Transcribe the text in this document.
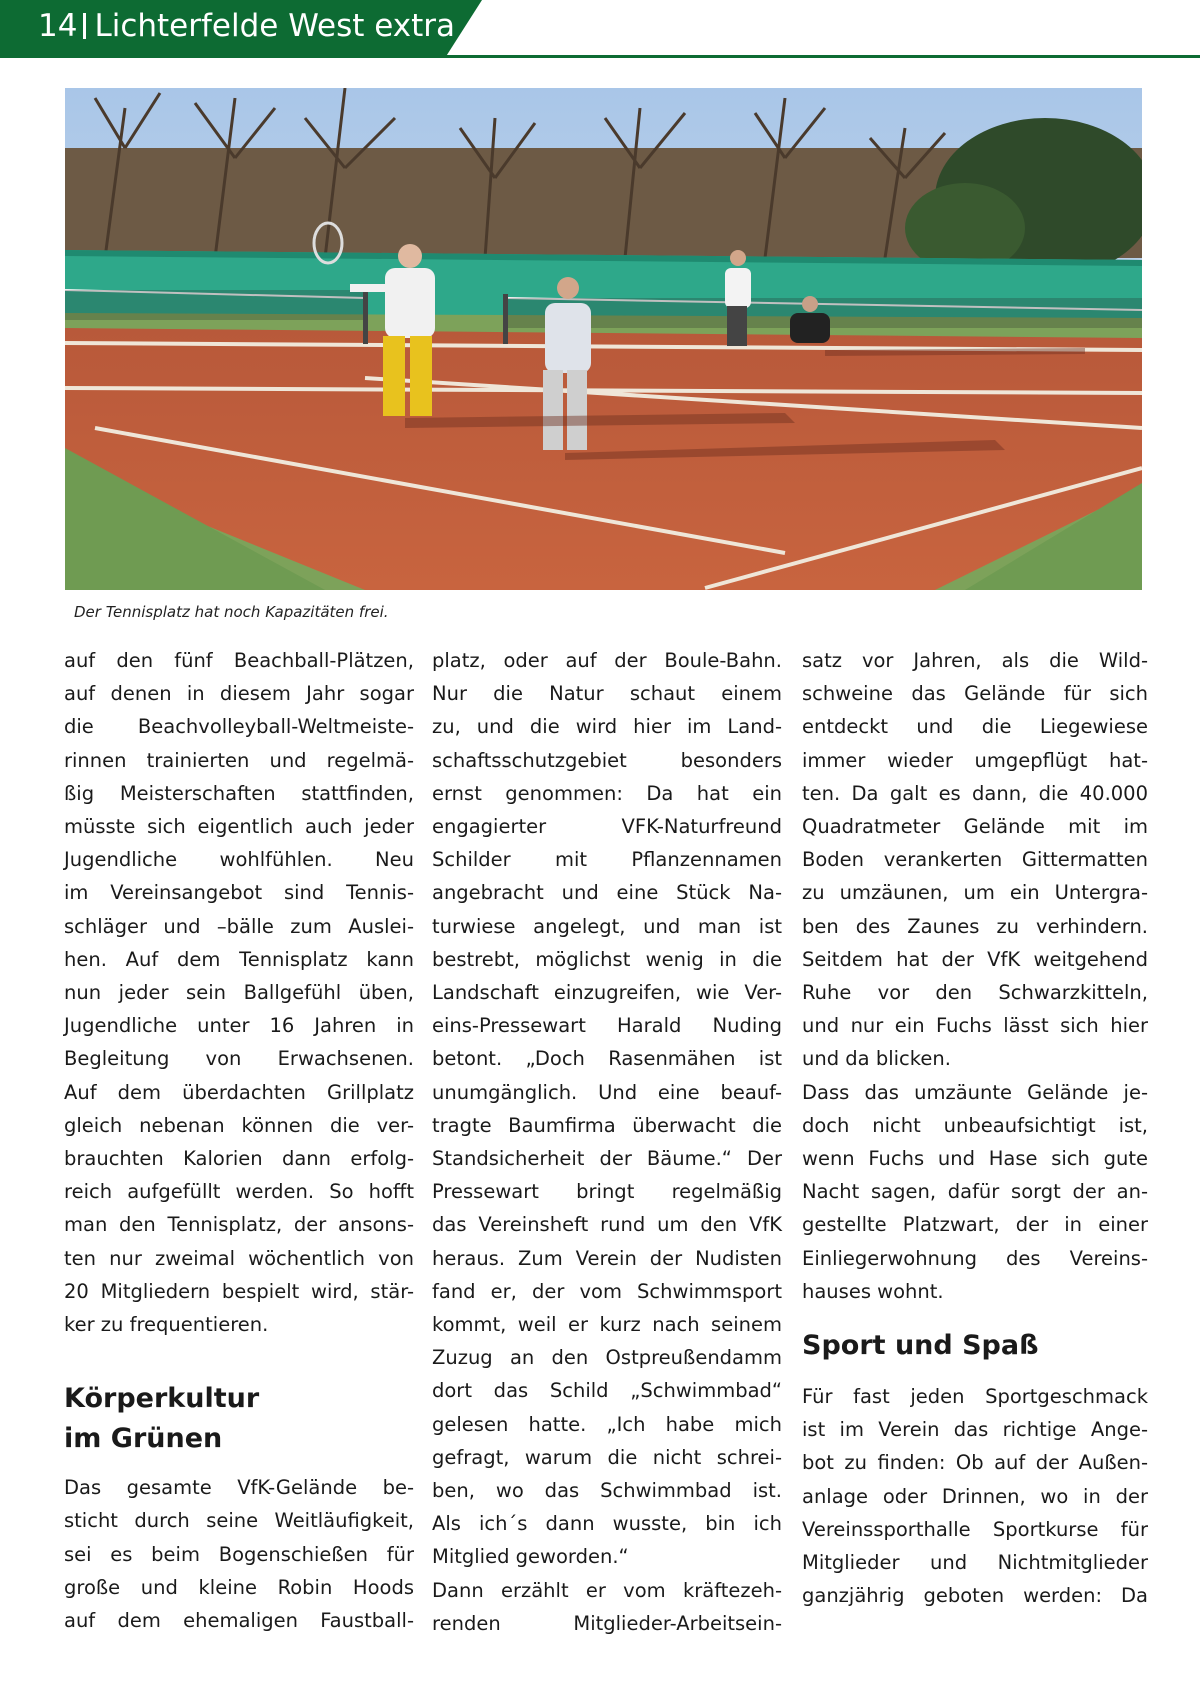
14 Lichterfelde West extra
Der Tennisplatz hat noch Kapazitäten frei.
auf den fünf Beachball-Plätzen,
auf denen in diesem Jahr sogar
die Beachvolleyball-Weltmeiste-
rinnen trainierten und regelmä-
ßig Meisterschaften stattfinden,
müsste sich eigentlich auch jeder
Jugendliche wohlfühlen. Neu
im Vereinsangebot sind Tennis-
schläger und –bälle zum Auslei-
hen. Auf dem Tennisplatz kann
nun jeder sein Ballgefühl üben,
Jugendliche unter 16 Jahren in
Begleitung von Erwachsenen.
Auf dem überdachten Grillplatz
gleich nebenan können die ver-
brauchten Kalorien dann erfolg-
reich aufgefüllt werden. So hofft
man den Tennisplatz, der ansons-
ten nur zweimal wöchentlich von
20 Mitgliedern bespielt wird, stär-
ker zu frequentieren.
Körperkultur
im Grünen
Das gesamte VfK-Gelände be-
sticht durch seine Weitläufigkeit,
sei es beim Bogenschießen für
große und kleine Robin Hoods
auf dem ehemaligen Faustball-
platz, oder auf der Boule-Bahn.
Nur die Natur schaut einem
zu, und die wird hier im Land-
schaftsschutzgebiet besonders
ernst genommen: Da hat ein
engagierter VFK-Naturfreund
Schilder mit Pflanzennamen
angebracht und eine Stück Na-
turwiese angelegt, und man ist
bestrebt, möglichst wenig in die
Landschaft einzugreifen, wie Ver-
eins-Pressewart Harald Nuding
betont. „Doch Rasenmähen ist
unumgänglich. Und eine beauf-
tragte Baumfirma überwacht die
Standsicherheit der Bäume.“ Der
Pressewart bringt regelmäßig
das Vereinsheft rund um den VfK
heraus. Zum Verein der Nudisten
fand er, der vom Schwimmsport
kommt, weil er kurz nach seinem
Zuzug an den Ostpreußendamm
dort das Schild „Schwimmbad“
gelesen hatte. „Ich habe mich
gefragt, warum die nicht schrei-
ben, wo das Schwimmbad ist.
Als ich´s dann wusste, bin ich
Mitglied geworden.“
Dann erzählt er vom kräftezeh-
renden Mitglieder-Arbeitsein-
satz vor Jahren, als die Wild-
schweine das Gelände für sich
entdeckt und die Liegewiese
immer wieder umgepflügt hat-
ten. Da galt es dann, die 40.000
Quadratmeter Gelände mit im
Boden verankerten Gittermatten
zu umzäunen, um ein Untergra-
ben des Zaunes zu verhindern.
Seitdem hat der VfK weitgehend
Ruhe vor den Schwarzkitteln,
und nur ein Fuchs lässt sich hier
und da blicken.
Dass das umzäunte Gelände je-
doch nicht unbeaufsichtigt ist,
wenn Fuchs und Hase sich gute
Nacht sagen, dafür sorgt der an-
gestellte Platzwart, der in einer
Einliegerwohnung des Vereins-
hauses wohnt.
Sport und Spaß
Für fast jeden Sportgeschmack
ist im Verein das richtige Ange-
bot zu finden: Ob auf der Außen-
anlage oder Drinnen, wo in der
Vereinssporthalle Sportkurse für
Mitglieder und Nichtmitglieder
ganzjährig geboten werden: Da
